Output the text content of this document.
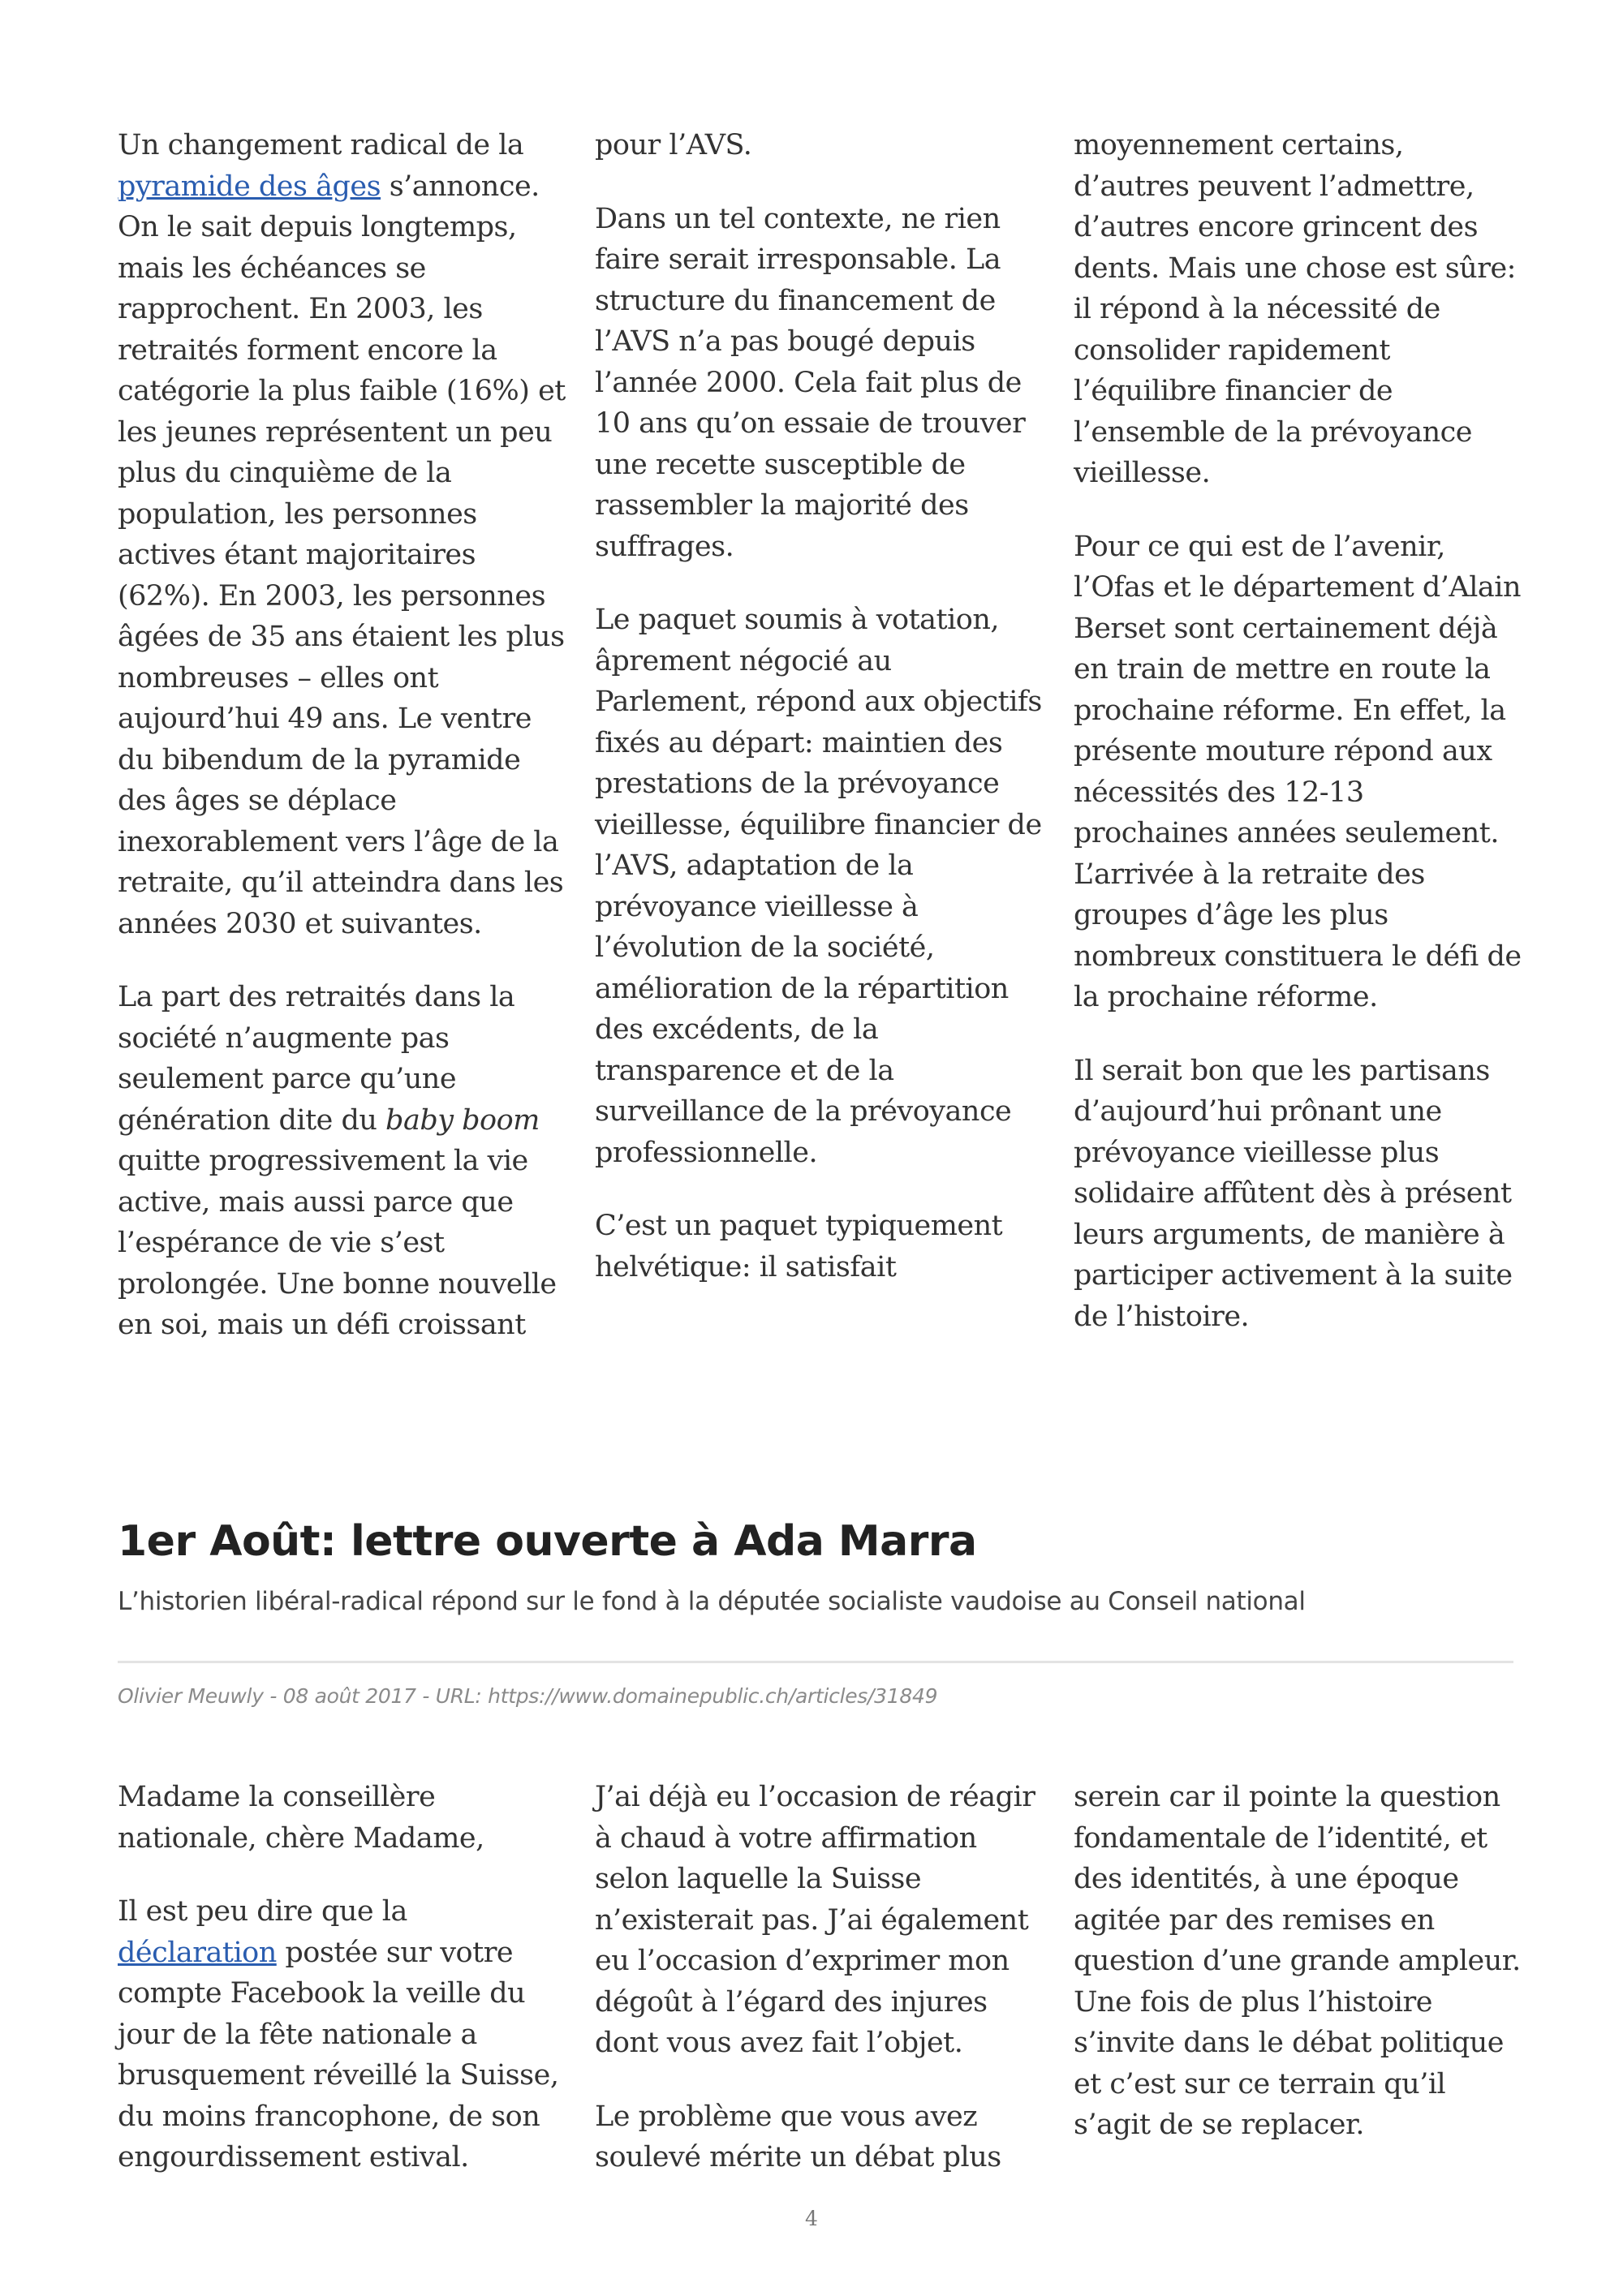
Un changement radical de la pyramide des âges s’annonce. On le sait depuis longtemps, mais les échéances se rapprochent. En 2003, les retraités forment encore la catégorie la plus faible (16%) et les jeunes représentent un peu plus du cinquième de la population, les personnes actives étant majoritaires (62%). En 2003, les personnes âgées de 35 ans étaient les plus nombreuses – elles ont aujourd’hui 49 ans. Le ventre du bibendum de la pyramide des âges se déplace inexorablement vers l’âge de la retraite, qu’il atteindra dans les années 2030 et suivantes.

La part des retraités dans la société n’augmente pas seulement parce qu’une génération dite du baby boom quitte progressivement la vie active, mais aussi parce que l’espérance de vie s’est prolongée. Une bonne nouvelle en soi, mais un défi croissant

pour l’AVS.

Dans un tel contexte, ne rien faire serait irresponsable. La structure du financement de l’AVS n’a pas bougé depuis l’année 2000. Cela fait plus de 10 ans qu’on essaie de trouver une recette susceptible de rassembler la majorité des suffrages.

Le paquet soumis à votation, âprement négocié au Parlement, répond aux objectifs fixés au départ: maintien des prestations de la prévoyance vieillesse, équilibre financier de l’AVS, adaptation de la prévoyance vieillesse à l’évolution de la société, amélioration de la répartition des excédents, de la transparence et de la surveillance de la prévoyance professionnelle.

C’est un paquet typiquement helvétique: il satisfait

moyennement certains, d’autres peuvent l’admettre, d’autres encore grincent des dents. Mais une chose est sûre: il répond à la nécessité de consolider rapidement l’équilibre financier de l’ensemble de la prévoyance vieillesse.

Pour ce qui est de l’avenir, l’Ofas et le département d’Alain Berset sont certainement déjà en train de mettre en route la prochaine réforme. En effet, la présente mouture répond aux nécessités des 12-13 prochaines années seulement. L’arrivée à la retraite des groupes d’âge les plus nombreux constituera le défi de la prochaine réforme.

Il serait bon que les partisans d’aujourd’hui prônant une prévoyance vieillesse plus solidaire affûtent dès à présent leurs arguments, de manière à participer activement à la suite de l’histoire.

1er Août: lettre ouverte à Ada Marra

L’historien libéral-radical répond sur le fond à la députée socialiste vaudoise au Conseil national

Olivier Meuwly - 08 août 2017 - URL: https://www.domainepublic.ch/articles/31849

Madame la conseillère nationale, chère Madame,

Il est peu dire que la déclaration postée sur votre compte Facebook la veille du jour de la fête nationale a brusquement réveillé la Suisse, du moins francophone, de son engourdissement estival.

J’ai déjà eu l’occasion de réagir à chaud à votre affirmation selon laquelle la Suisse n’existerait pas. J’ai également eu l’occasion d’exprimer mon dégoût à l’égard des injures dont vous avez fait l’objet.

Le problème que vous avez soulevé mérite un débat plus

serein car il pointe la question fondamentale de l’identité, et des identités, à une époque agitée par des remises en question d’une grande ampleur. Une fois de plus l’histoire s’invite dans le débat politique et c’est sur ce terrain qu’il s’agit de se replacer.

4
